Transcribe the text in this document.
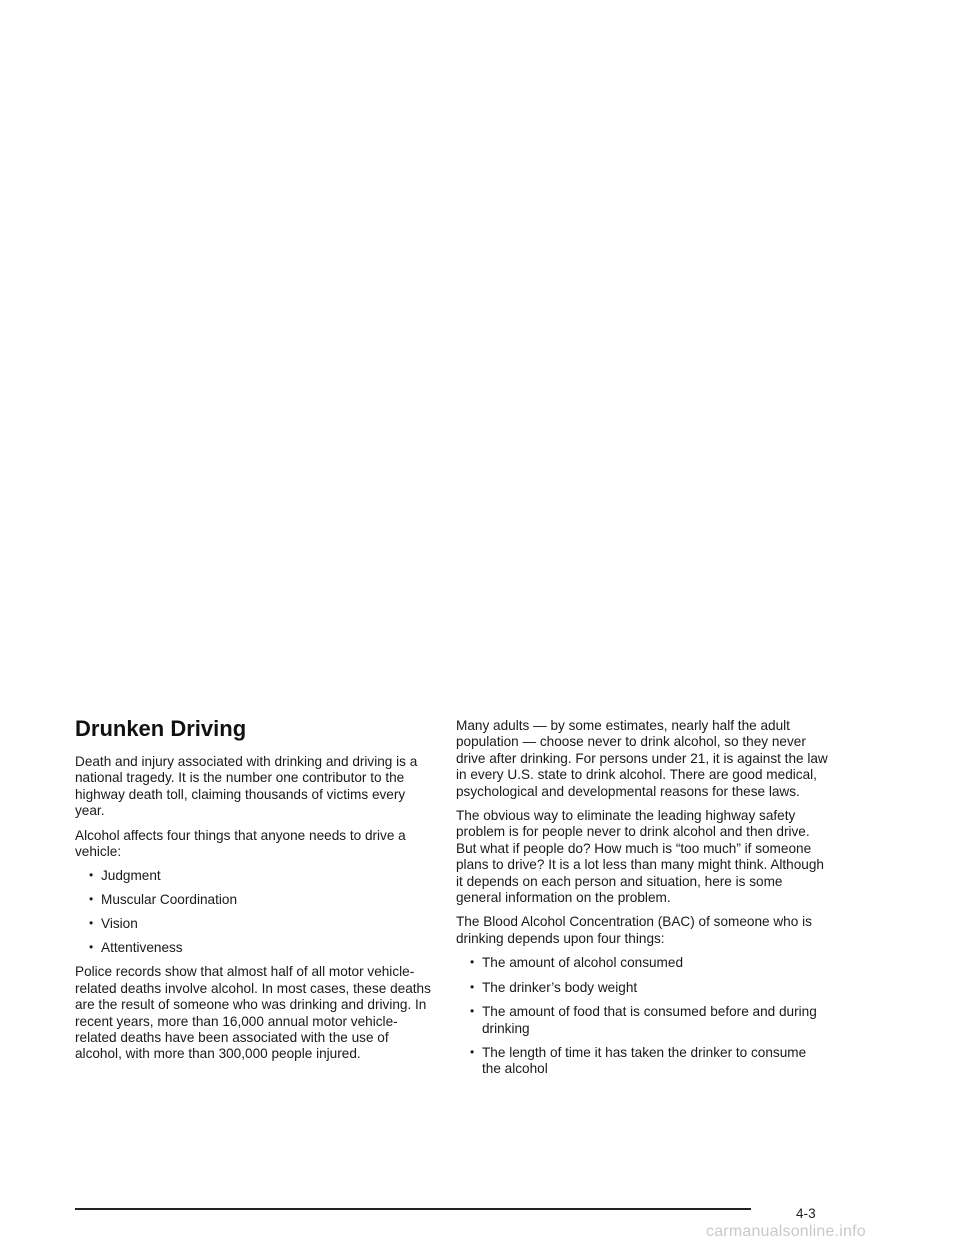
Drunken Driving

Death and injury associated with drinking and driving is a national tragedy. It is the number one contributor to the highway death toll, claiming thousands of victims every year.

Alcohol affects four things that anyone needs to drive a vehicle:

• Judgment
• Muscular Coordination
• Vision
• Attentiveness

Police records show that almost half of all motor vehicle-related deaths involve alcohol. In most cases, these deaths are the result of someone who was drinking and driving. In recent years, more than 16,000 annual motor vehicle-related deaths have been associated with the use of alcohol, with more than 300,000 people injured.

Many adults — by some estimates, nearly half the adult population — choose never to drink alcohol, so they never drive after drinking. For persons under 21, it is against the law in every U.S. state to drink alcohol. There are good medical, psychological and developmental reasons for these laws.

The obvious way to eliminate the leading highway safety problem is for people never to drink alcohol and then drive. But what if people do? How much is “too much” if someone plans to drive? It is a lot less than many might think. Although it depends on each person and situation, here is some general information on the problem.

The Blood Alcohol Concentration (BAC) of someone who is drinking depends upon four things:

• The amount of alcohol consumed
• The drinker’s body weight
• The amount of food that is consumed before and during drinking
• The length of time it has taken the drinker to consume the alcohol
4-3
carmanualsonline.info
